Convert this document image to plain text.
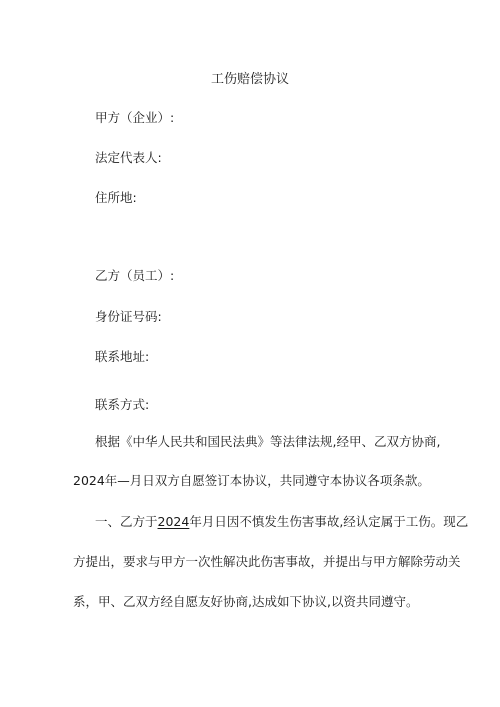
工伤赔偿协议
甲方（企业）:
法定代表人:
住所地:
乙方（员工）:
身份证号码:
联系地址:
联系方式:
根据《中华人民共和国民法典》等法律法规,经甲、乙双方协商,
2024年—月日双方自愿签订本协议，共同遵守本协议各项条款。
一、乙方于2024年月日因不慎发生伤害事故,经认定属于工伤。现乙
方提出，要求与甲方一次性解决此伤害事故，并提出与甲方解除劳动关
系，甲、乙双方经自愿友好协商,达成如下协议,以资共同遵守。
